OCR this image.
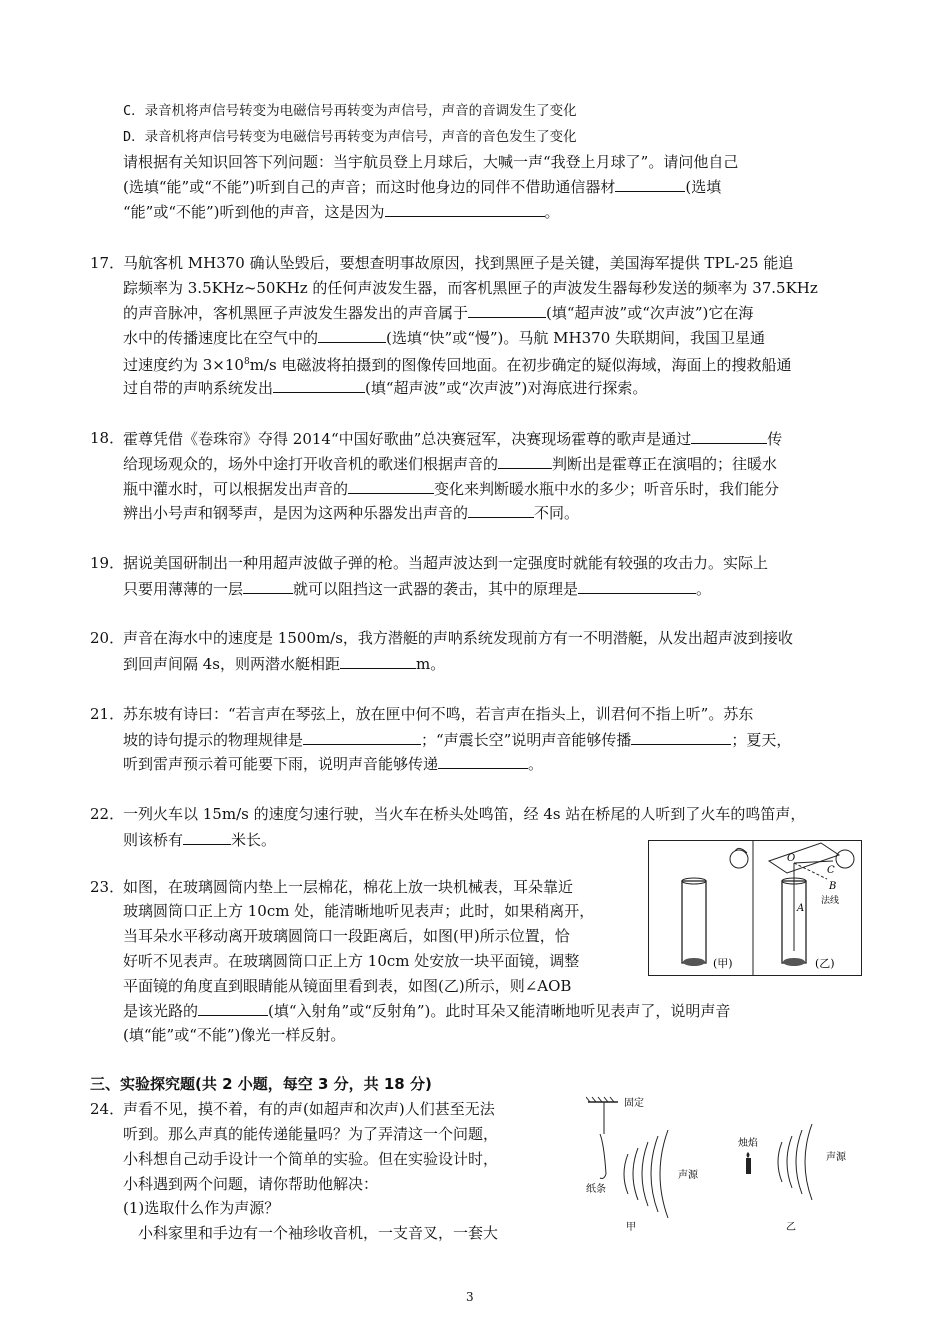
C．录音机将声信号转变为电磁信号再转变为声信号，声音的音调发生了变化
D．录音机将声信号转变为电磁信号再转变为声信号，声音的音色发生了变化
请根据有关知识回答下列问题：当宇航员登上月球后，大喊一声“我登上月球了”。请问他自己
(选填“能”或“不能”)听到自己的声音；而这时他身边的同伴不借助通信器材	(选填
“能”或“不能”)听到他的声音，这是因为	。
17．
马航客机 MH370 确认坠毁后，要想查明事故原因，找到黑匣子是关键，美国海军提供 TPL-25 能追
踪频率为 3.5KHz~50KHz 的任何声波发生器，而客机黑匣子的声波发生器每秒发送的频率为 37.5KHz
的声音脉冲，客机黑匣子声波发生器发出的声音属于	(填“超声波”或“次声波”)它在海
水中的传播速度比在空气中的	(选填“快”或“慢”)。马航 MH370 失联期间，我国卫星通
过速度约为 $3\times 10^8m/s$ 电磁波将拍摄到的图像传回地面。在初步确定的疑似海域，海面上的搜救船通
过自带的声呐系统发出	(填“超声波”或“次声波”)对海底进行探索。
18．
霍尊凭借《卷珠帘》夺得 2014“中国好歌曲”总决赛冠军，决赛现场霍尊的歌声是通过	传
给现场观众的，场外中途打开收音机的歌迷们根据声音的	判断出是霍尊正在演唱的；往暖水
瓶中灌水时，可以根据发出声音的	变化来判断暖水瓶中水的多少；听音乐时，我们能分
辨出小号声和钢琴声，是因为这两种乐器发出声音的	不同。
19．
据说美国研制出一种用超声波做子弹的枪。当超声波达到一定强度时就能有较强的攻击力。实际上
只要用薄薄的一层	就可以阻挡这一武器的袭击，其中的原理是	。
20．
声音在海水中的速度是 1500m/s，我方潜艇的声呐系统发现前方有一不明潜艇，从发出超声波到接收
到回声间隔 4s，则两潜水艇相距	m。
21．
苏东坡有诗曰：“若言声在琴弦上，放在匣中何不鸣，若言声在指头上，训君何不指上听”。苏东
坡的诗句提示的物理规律是	；“声震长空”说明声音能够传播	；夏天，
听到雷声预示着可能要下雨，说明声音能够传递	。
22．
一列火车以 15m/s 的速度匀速行驶，当火车在桥头处鸣笛，经 4s 站在桥尾的人听到了火车的鸣笛声，
则该桥有	米长。
(甲)
O
C
B
A
法线
(乙)
23．
如图，在玻璃圆筒内垫上一层棉花，棉花上放一块机械表，耳朵靠近
玻璃圆筒口正上方 10cm 处，能清晰地听见表声；此时，如果稍离开，
当耳朵水平移动离开玻璃圆筒口一段距离后，如图(甲)所示位置，恰
好听不见表声。在玻璃圆筒口正上方 10cm 处安放一块平面镜，调整
平面镜的角度直到眼睛能从镜面里看到表，如图(乙)所示，则∠AOB
是该光路的	(填“入射角”或“反射角”)。此时耳朵又能清晰地听见表声了，说明声音
(填“能”或“不能”)像光一样反射。
三、实验探究题(共 2 小题，每空 3 分，共 18 分)
固定
纸条
声源
甲
烛焰
声源
乙
24．
声看不见，摸不着，有的声(如超声和次声)人们甚至无法
听到。那么声真的能传递能量吗？为了弄清这一个问题，
小科想自己动手设计一个简单的实验。但在实验设计时，
小科遇到两个问题，请你帮助他解决：
(1)选取什么作为声源？
小科家里和手边有一个袖珍收音机，一支音叉，一套大
3
